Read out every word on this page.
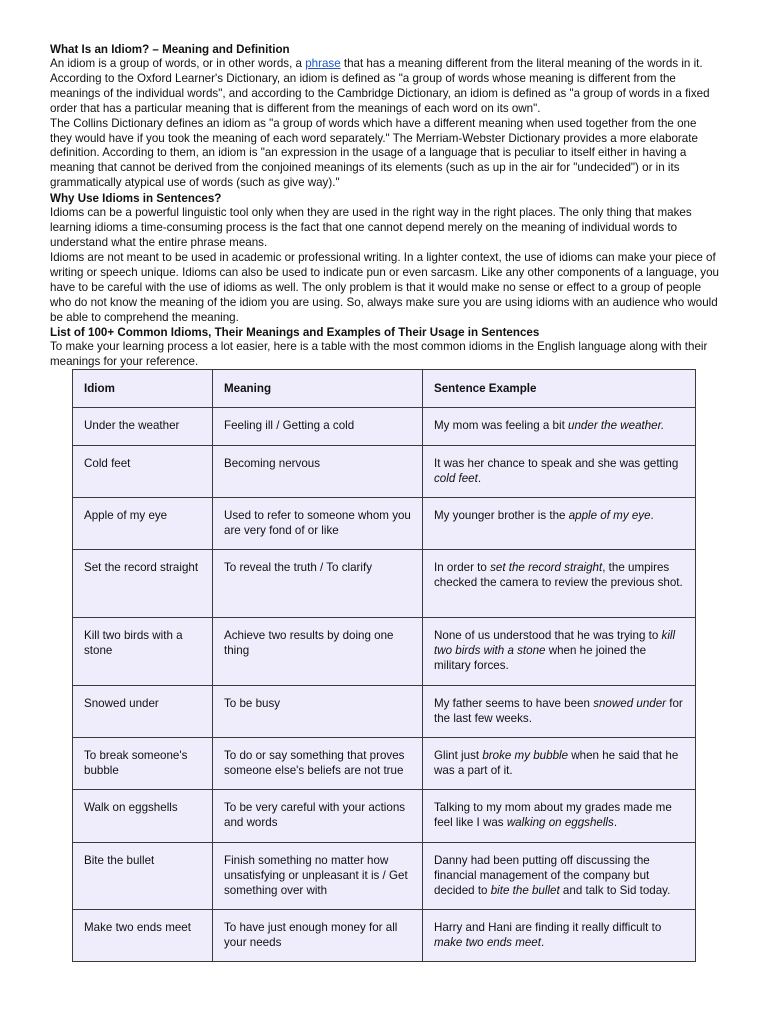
What Is an Idiom? – Meaning and Definition

An idiom is a group of words, or in other words, a phrase that has a meaning different from the literal meaning of the words in it. According to the Oxford Learner's Dictionary, an idiom is defined as "a group of words whose meaning is different from the meanings of the individual words", and according to the Cambridge Dictionary, an idiom is defined as "a group of words in a fixed order that has a particular meaning that is different from the meanings of each word on its own".

The Collins Dictionary defines an idiom as "a group of words which have a different meaning when used together from the one they would have if you took the meaning of each word separately." The Merriam-Webster Dictionary provides a more elaborate definition. According to them, an idiom is "an expression in the usage of a language that is peculiar to itself either in having a meaning that cannot be derived from the conjoined meanings of its elements (such as up in the air for "undecided") or in its grammatically atypical use of words (such as give way)."

Why Use Idioms in Sentences?

Idioms can be a powerful linguistic tool only when they are used in the right way in the right places. The only thing that makes learning idioms a time-consuming process is the fact that one cannot depend merely on the meaning of individual words to understand what the entire phrase means.

Idioms are not meant to be used in academic or professional writing. In a lighter context, the use of idioms can make your piece of writing or speech unique. Idioms can also be used to indicate pun or even sarcasm. Like any other components of a language, you have to be careful with the use of idioms as well. The only problem is that it would make no sense or effect to a group of people who do not know the meaning of the idiom you are using. So, always make sure you are using idioms with an audience who would be able to comprehend the meaning.

List of 100+ Common Idioms, Their Meanings and Examples of Their Usage in Sentences

To make your learning process a lot easier, here is a table with the most common idioms in the English language along with their meanings for your reference.

Idiom	Meaning	Sentence Example
Under the weather	Feeling ill / Getting a cold	My mom was feeling a bit under the weather.
Cold feet	Becoming nervous	It was her chance to speak and she was getting cold feet.
Apple of my eye	Used to refer to someone whom you are very fond of or like	My younger brother is the apple of my eye.
Set the record straight	To reveal the truth / To clarify	In order to set the record straight, the umpires checked the camera to review the previous shot.
Kill two birds with a stone	Achieve two results by doing one thing	None of us understood that he was trying to kill two birds with a stone when he joined the military forces.
Snowed under	To be busy	My father seems to have been snowed under for the last few weeks.
To break someone's bubble	To do or say something that proves someone else's beliefs are not true	Glint just broke my bubble when he said that he was a part of it.
Walk on eggshells	To be very careful with your actions and words	Talking to my mom about my grades made me feel like I was walking on eggshells.
Bite the bullet	Finish something no matter how unsatisfying or unpleasant it is / Get something over with	Danny had been putting off discussing the financial management of the company but decided to bite the bullet and talk to Sid today.
Make two ends meet	To have just enough money for all your needs	Harry and Hani are finding it really difficult to make two ends meet.
